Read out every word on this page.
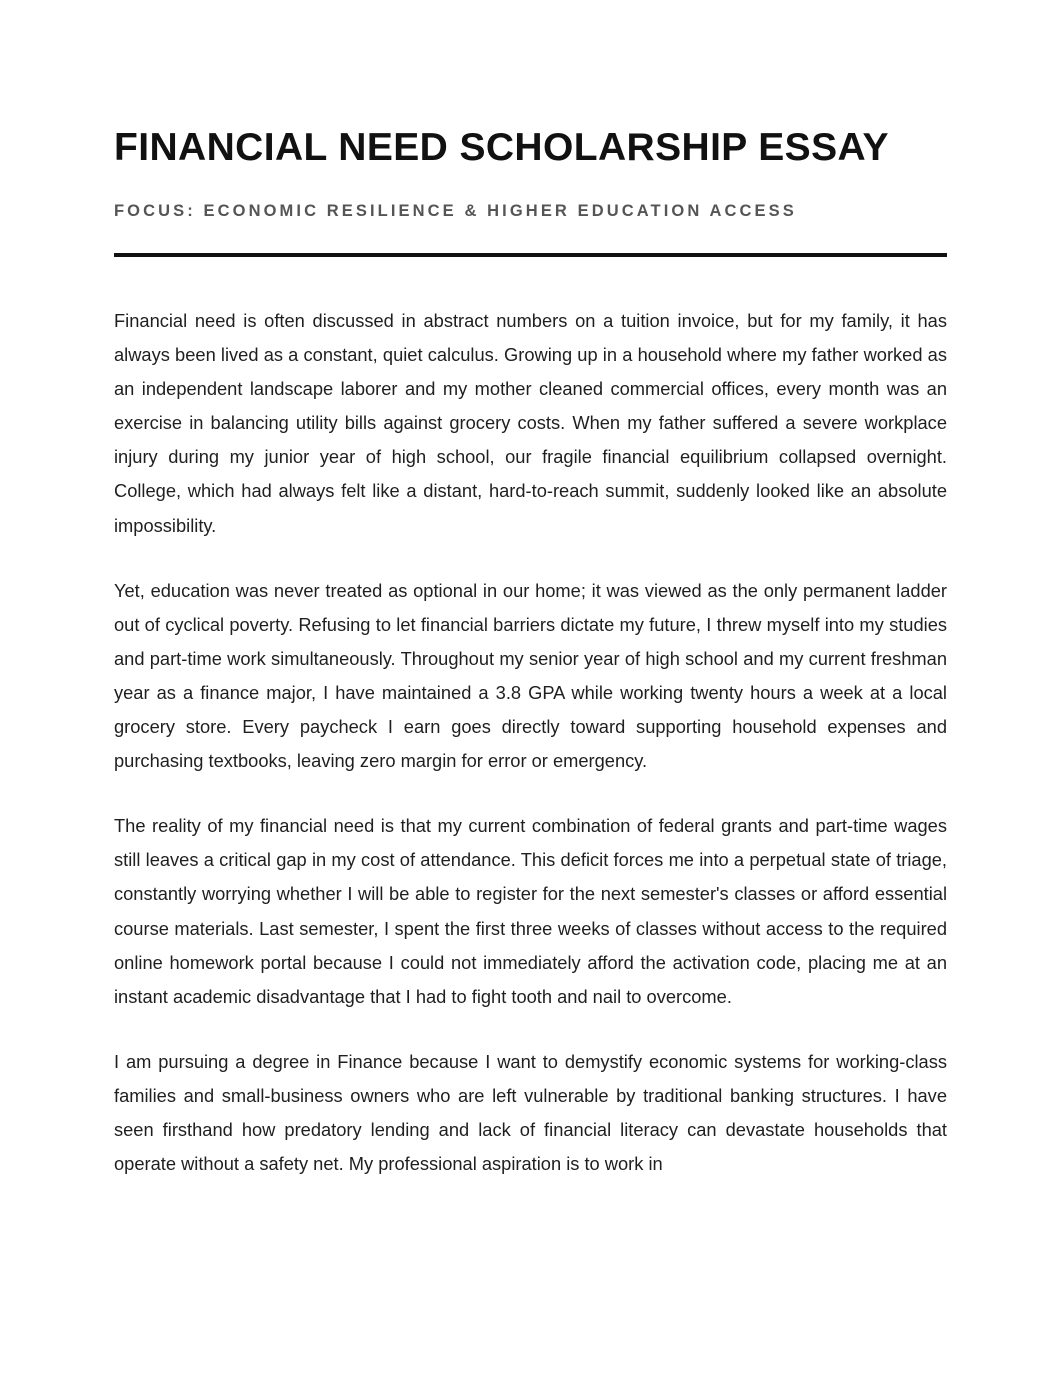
FINANCIAL NEED SCHOLARSHIP ESSAY
FOCUS: ECONOMIC RESILIENCE & HIGHER EDUCATION ACCESS

Financial need is often discussed in abstract numbers on a tuition invoice, but for my family, it has always been lived as a constant, quiet calculus. Growing up in a household where my father worked as an independent landscape laborer and my mother cleaned commercial offices, every month was an exercise in balancing utility bills against grocery costs. When my father suffered a severe workplace injury during my junior year of high school, our fragile financial equilibrium collapsed overnight. College, which had always felt like a distant, hard-to-reach summit, suddenly looked like an absolute impossibility.

Yet, education was never treated as optional in our home; it was viewed as the only permanent ladder out of cyclical poverty. Refusing to let financial barriers dictate my future, I threw myself into my studies and part-time work simultaneously. Throughout my senior year of high school and my current freshman year as a finance major, I have maintained a 3.8 GPA while working twenty hours a week at a local grocery store. Every paycheck I earn goes directly toward supporting household expenses and purchasing textbooks, leaving zero margin for error or emergency.

The reality of my financial need is that my current combination of federal grants and part-time wages still leaves a critical gap in my cost of attendance. This deficit forces me into a perpetual state of triage, constantly worrying whether I will be able to register for the next semester's classes or afford essential course materials. Last semester, I spent the first three weeks of classes without access to the required online homework portal because I could not immediately afford the activation code, placing me at an instant academic disadvantage that I had to fight tooth and nail to overcome.

I am pursuing a degree in Finance because I want to demystify economic systems for working-class families and small-business owners who are left vulnerable by traditional banking structures. I have seen firsthand how predatory lending and lack of financial literacy can devastate households that operate without a safety net. My professional aspiration is to work in
